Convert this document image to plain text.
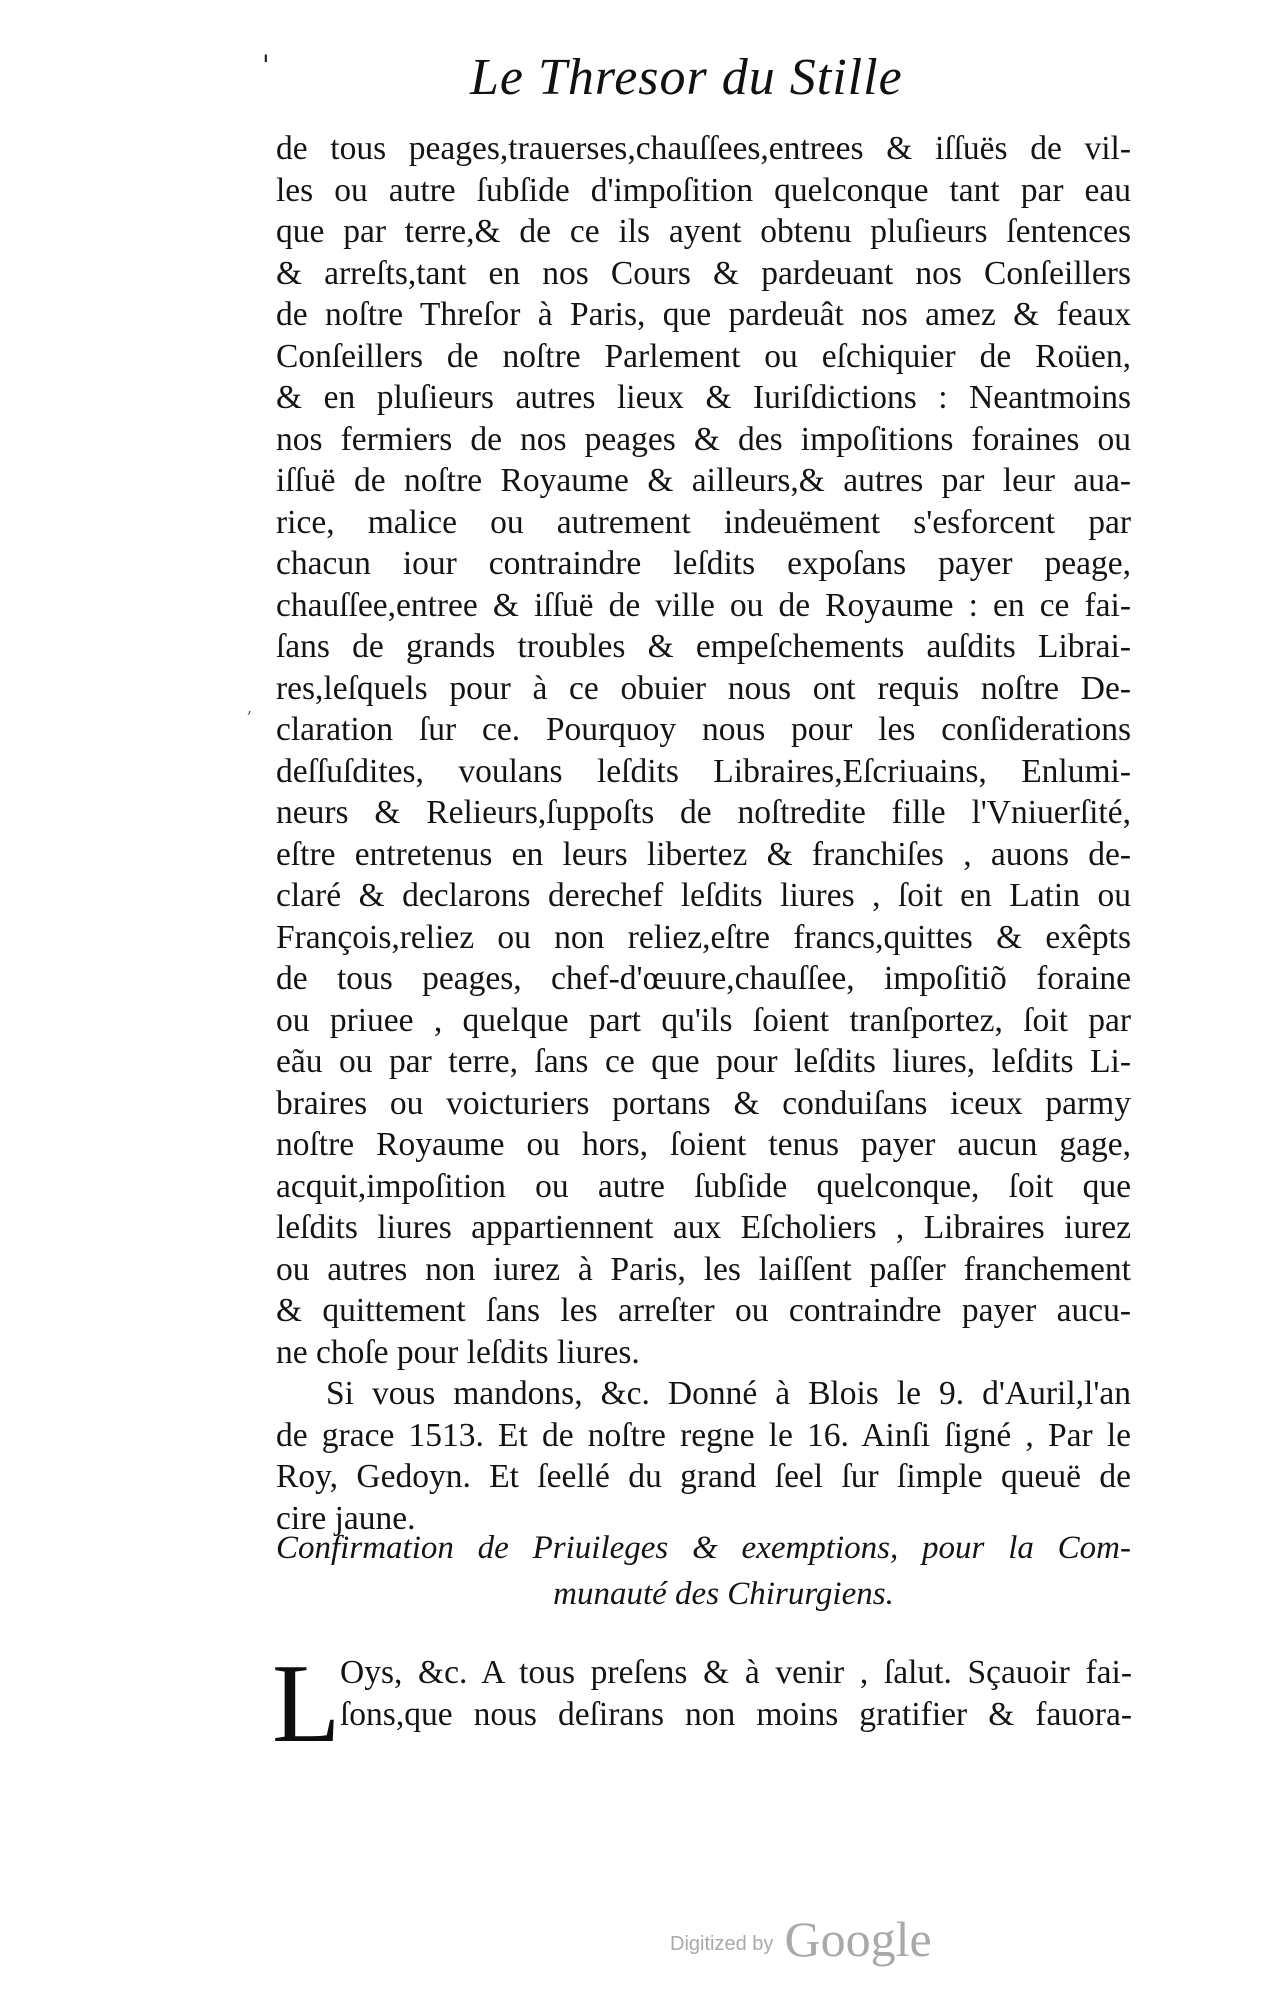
'	Le Thresor du Stille
de tous peages,trauerses,chauſſees,entrees & iſſuës de vil-
les ou autre ſubſide d'impoſition quelconque tant par eau
que par terre,& de ce ils ayent obtenu pluſieurs ſentences
& arreſts,tant en nos Cours & pardeuant nos Conſeillers
de noſtre Threſor à Paris, que pardeuât nos amez & feaux
Conſeillers de noſtre Parlement ou eſchiquier de Roüen,
& en pluſieurs autres lieux & Iuriſdictions : Neantmoins
nos fermiers de nos peages & des impoſitions foraines ou
iſſuë de noſtre Royaume & ailleurs,& autres par leur aua-
rice, malice ou autrement indeuëment s'esforcent par
chacun iour contraindre leſdits expoſans payer peage,
chauſſee,entree & iſſuë de ville ou de Royaume : en ce fai-
ſans de grands troubles & empeſchements auſdits Librai-
res,leſquels pour à ce obuier nous ont requis noſtre De-
claration ſur ce. Pourquoy nous pour les conſiderations
deſſuſdites, voulans leſdits Libraires,Eſcriuains, Enlumi-
neurs & Relieurs,ſuppoſts de noſtredite fille l'Vniuerſité,
eſtre entretenus en leurs libertez & franchiſes , auons de-
claré & declarons derechef leſdits liures , ſoit en Latin ou
François,reliez ou non reliez,eſtre francs,quittes & exêpts
de tous peages, chef-d'œuure,chauſſee, impoſitiõ foraine
ou priuee , quelque part qu'ils ſoient tranſportez, ſoit par
eãu ou par terre, ſans ce que pour leſdits liures, leſdits Li-
braires ou voicturiers portans & conduiſans iceux parmy
noſtre Royaume ou hors, ſoient tenus payer aucun gage,
acquit,impoſition ou autre ſubſide quelconque, ſoit que
leſdits liures appartiennent aux Eſcholiers , Libraires iurez
ou autres non iurez à Paris, les laiſſent paſſer franchement
& quittement ſans les arreſter ou contraindre payer aucu-
ne choſe pour leſdits liures.
Si vous mandons, &c. Donné à Blois le 9. d'Auril,l'an
de grace 1513. Et de noſtre regne le 16. Ainſi ſigné , Par le
Roy, Gedoyn. Et ſeellé du grand ſeel ſur ſimple queuë de
cire jaune.
,
Confirmation de Priuileges & exemptions, pour la Com-
munauté des Chirurgiens.
L Oys, &c. A tous preſens & à venir , ſalut. Sçauoir fai-
ſons,que nous deſirans non moins gratifier & fauora-
Digitized by Google
